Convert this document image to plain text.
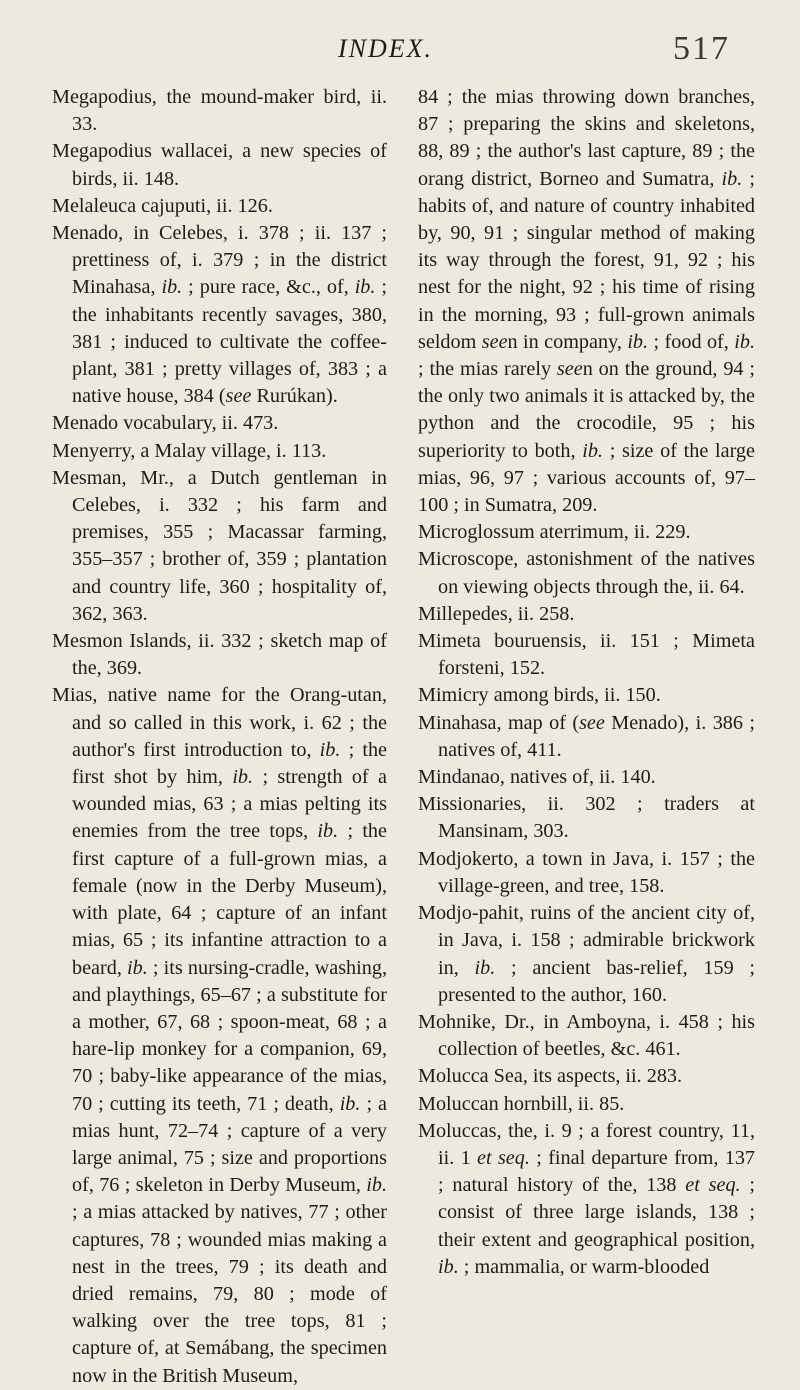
INDEX.	517

Megapodius, the mound-maker bird, ii. 33.

Megapodius wallacei, a new species of birds, ii. 148.

Melaleuca cajuputi, ii. 126.

Menado, in Celebes, i. 378 ; ii. 137 ; prettiness of, i. 379 ; in the district Minahasa, ib. ; pure race, &c., of, ib. ; the inhabitants recently savages, 380, 381 ; induced to cultivate the coffee-plant, 381 ; pretty villages of, 383 ; a native house, 384 (see Rurúkan).

Menado vocabulary, ii. 473.

Menyerry, a Malay village, i. 113.

Mesman, Mr., a Dutch gentleman in Celebes, i. 332 ; his farm and premises, 355 ; Macassar farming, 355–357 ; brother of, 359 ; plantation and country life, 360 ; hospitality of, 362, 363.

Mesmon Islands, ii. 332 ; sketch map of the, 369.

Mias, native name for the Orang-utan, and so called in this work, i. 62 ; the author's first introduction to, ib. ; the first shot by him, ib. ; strength of a wounded mias, 63 ; a mias pelting its enemies from the tree tops, ib. ; the first capture of a full-grown mias, a female (now in the Derby Museum), with plate, 64 ; capture of an infant mias, 65 ; its infantine attraction to a beard, ib. ; its nursing-cradle, washing, and playthings, 65–67 ; a substitute for a mother, 67, 68 ; spoon-meat, 68 ; a hare-lip monkey for a companion, 69, 70 ; baby-like appearance of the mias, 70 ; cutting its teeth, 71 ; death, ib. ; a mias hunt, 72–74 ; capture of a very large animal, 75 ; size and proportions of, 76 ; skeleton in Derby Museum, ib. ; a mias attacked by natives, 77 ; other captures, 78 ; wounded mias making a nest in the trees, 79 ; its death and dried remains, 79, 80 ; mode of walking over the tree tops, 81 ; capture of, at Semábang, the specimen now in the British Museum,

84 ; the mias throwing down branches, 87 ; preparing the skins and skeletons, 88, 89 ; the author's last capture, 89 ; the orang district, Borneo and Sumatra, ib. ; habits of, and nature of country inhabited by, 90, 91 ; singular method of making its way through the forest, 91, 92 ; his nest for the night, 92 ; his time of rising in the morning, 93 ; full-grown animals seldom seen in company, ib. ; food of, ib. ; the mias rarely seen on the ground, 94 ; the only two animals it is attacked by, the python and the crocodile, 95 ; his superiority to both, ib. ; size of the large mias, 96, 97 ; various accounts of, 97–100 ; in Sumatra, 209.

Microglossum aterrimum, ii. 229.

Microscope, astonishment of the natives on viewing objects through the, ii. 64.

Millepedes, ii. 258.

Mimeta bouruensis, ii. 151 ; Mimeta forsteni, 152.

Mimicry among birds, ii. 150.

Minahasa, map of (see Menado), i. 386 ; natives of, 411.

Mindanao, natives of, ii. 140.

Missionaries, ii. 302 ; traders at Mansinam, 303.

Modjokerto, a town in Java, i. 157 ; the village-green, and tree, 158.

Modjo-pahit, ruins of the ancient city of, in Java, i. 158 ; admirable brickwork in, ib. ; ancient bas-relief, 159 ; presented to the author, 160.

Mohnike, Dr., in Amboyna, i. 458 ; his collection of beetles, &c. 461.

Molucca Sea, its aspects, ii. 283.

Moluccan hornbill, ii. 85.

Moluccas, the, i. 9 ; a forest country, 11, ii. 1 et seq. ; final departure from, 137 ; natural history of the, 138 et seq. ; consist of three large islands, 138 ; their extent and geographical position, ib. ; mammalia, or warm-blooded
